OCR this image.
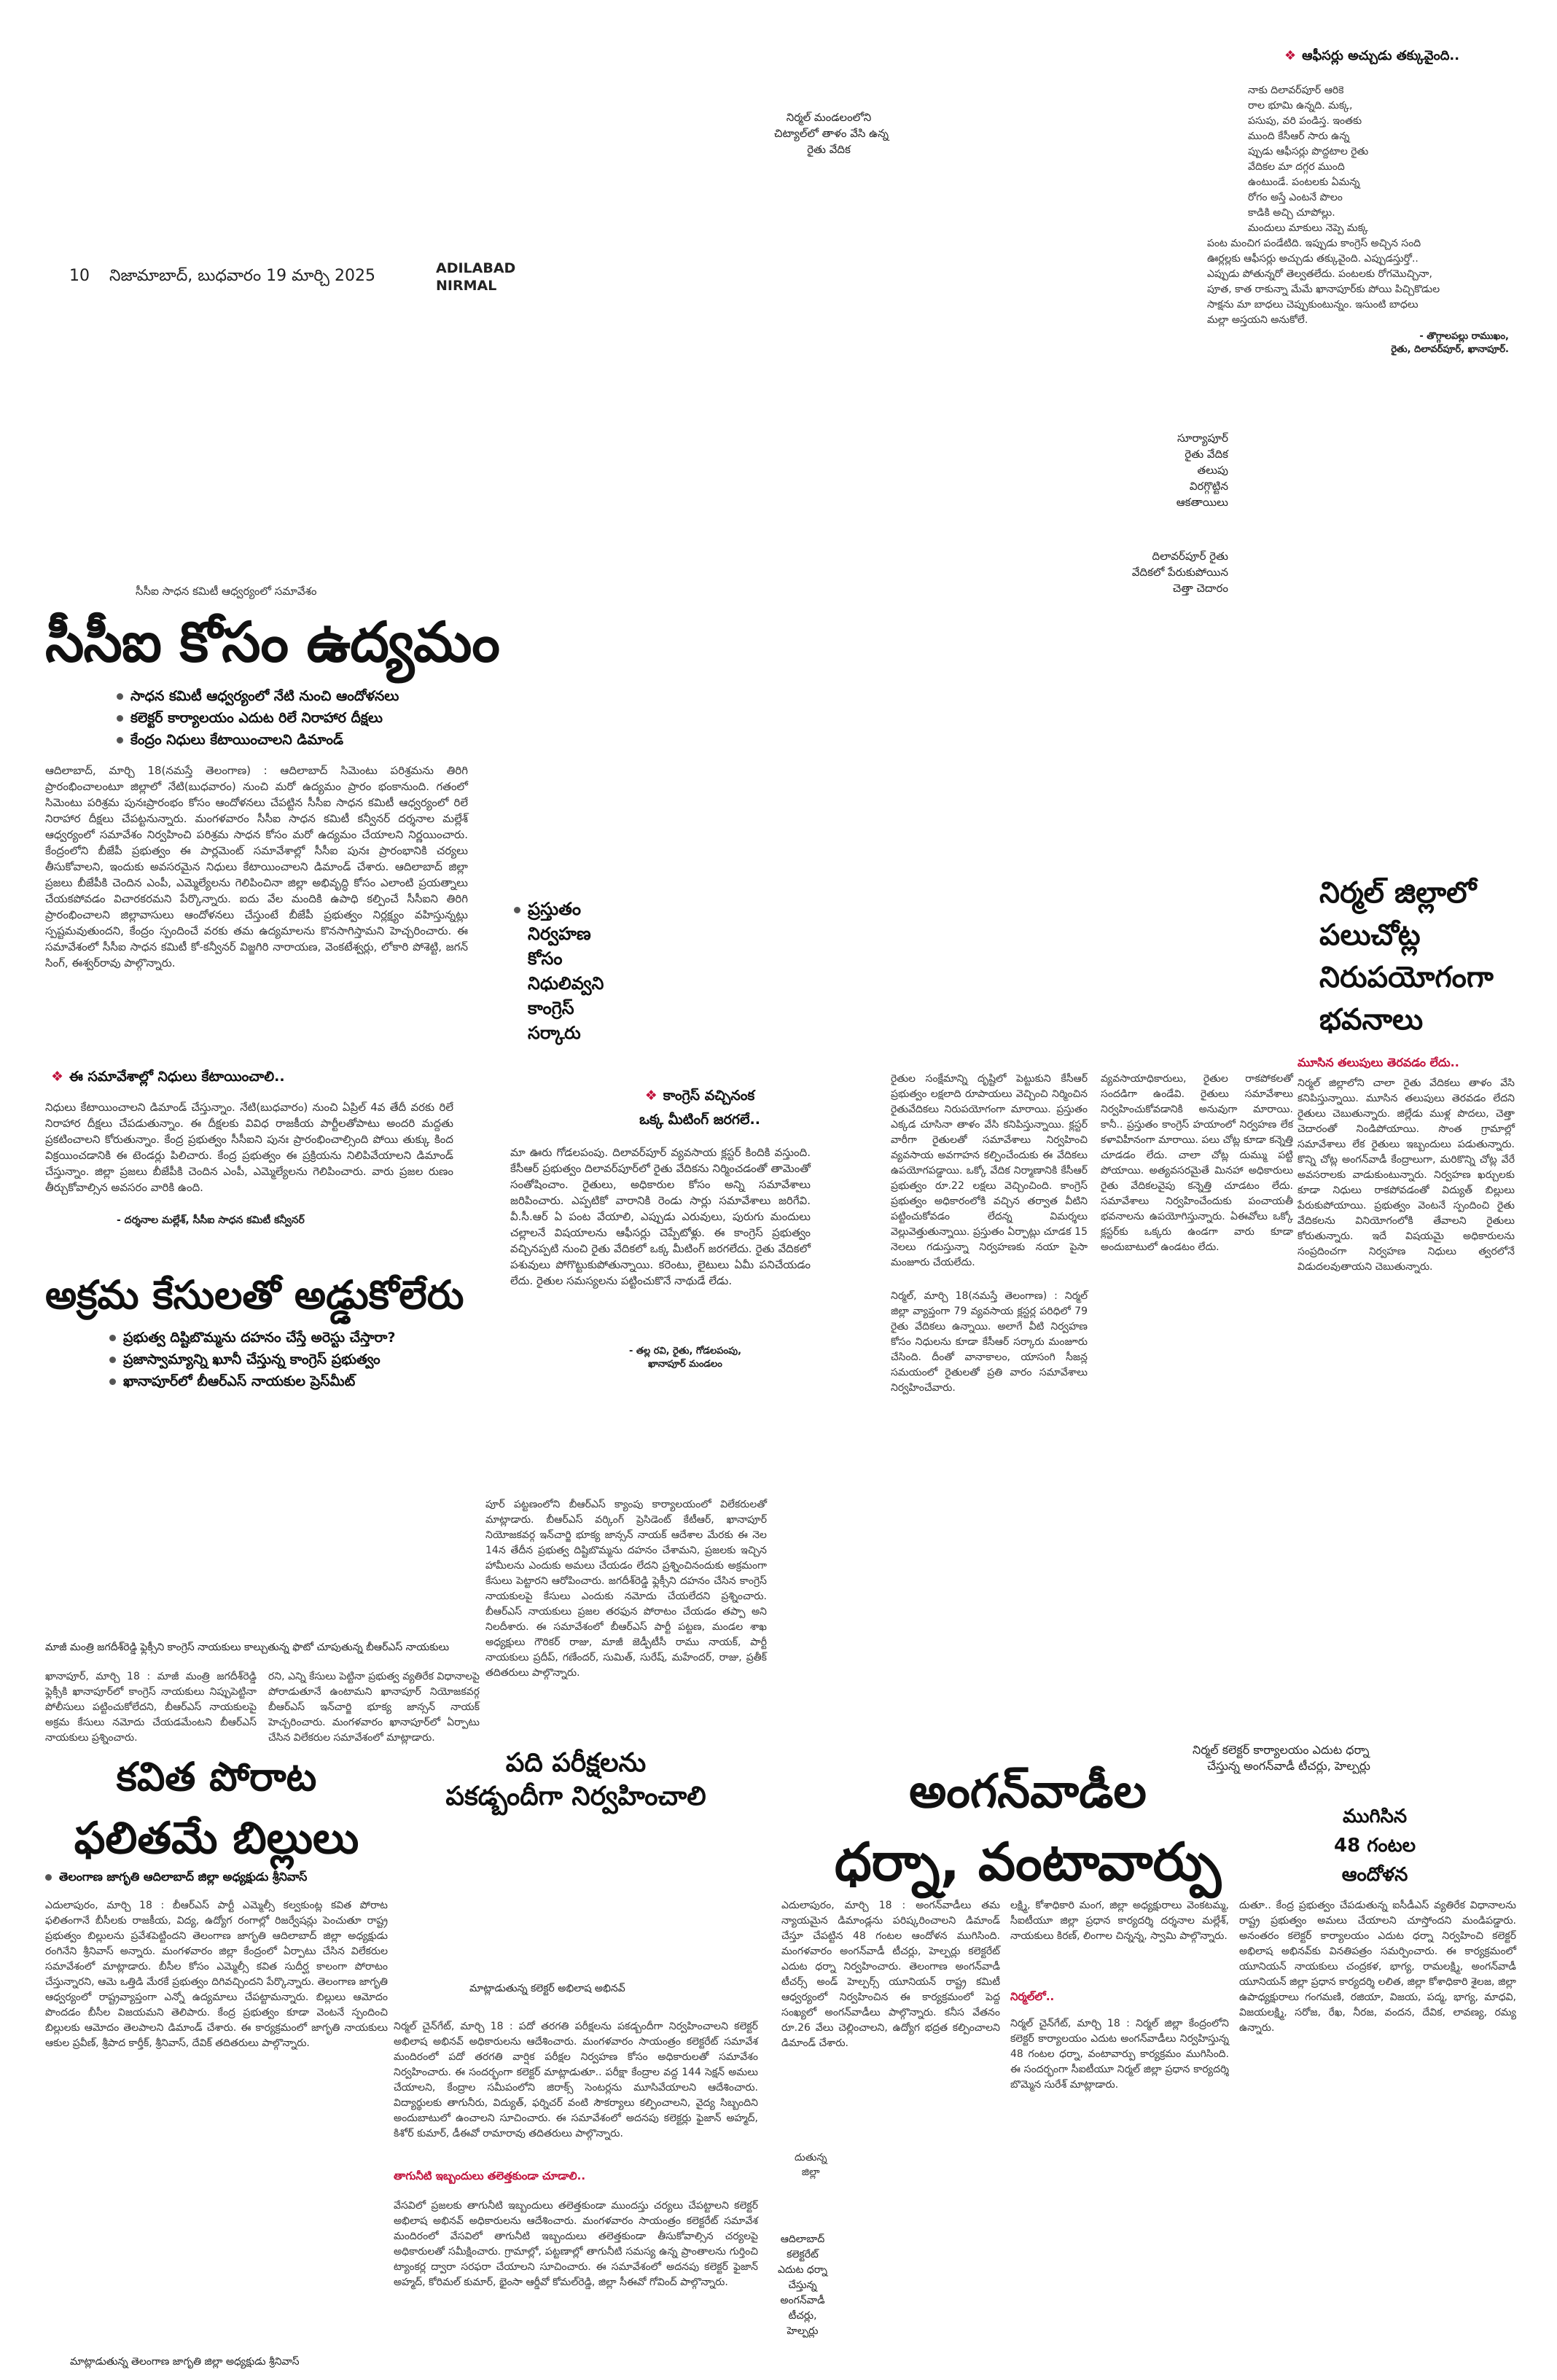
10 నిజామాబాద్, బుధవారం 19 మార్చి 2025	ADILABAD
NIRMAL
నిర్మల్ మండలంలోని
చిట్యాల్‌లో తాళం వేసి ఉన్న
రైతు వేదిక
సూర్యాపూర్
రైతు వేదిక
తలుపు
విరగ్గొట్టిన
ఆకతాయిలు
దిలావర్‌పూర్ రైతు
వేదికలో పేరుకుపోయిన
చెత్తా చెదారం
❖ ఆఫీసర్లు అచ్చుడు తక్కువైంది..
నాకు దిలావర్‌పూర్‌ ఆరికె
రాల భూమి ఉన్నది. మక్క,
పసుపు, వరి పండిస్త. ఇంతకు
ముంది కేసీఆర్‌ సారు ఉన్న
ప్పుడు ఆఫీసర్లు పొద్దటాల రైతు
వేదికల మా దగ్గర ముంది
ఉంటుండే. పంటలకు ఏమన్న
రోగం అస్తే ఎంటనే పొలం
కాడికి అచ్చి చూపోల్లు.
మందులు మాకులు నెప్పె మక్క
పంట మంచిగ పండేటిది. ఇప్పుడు కాంగ్రెస్‌ అచ్చిన సంది
ఊర్లల్లకు ఆఫీసర్లు అచ్చుడు తక్కువైంది. ఎప్పుడస్తుర్తో..
ఎప్పుడు పోతున్నరో తెల్వతలేదు. పంటలకు రోగమొచ్చినా,
పూత, కాత రాకున్నా మేమే ఖానాపూర్‌కు పోయి పిచ్చికొడుల
సాక్షను మా బాధలు చెప్పుకుంటున్నం. ఇసుంటి బాధలు
మల్లా అస్తయని అనుకోలే.
- తొగ్గాలపల్లు రాముఖం,
రైతు, దిలావర్‌పూర్‌, ఖానాపూర్‌.
సీసీఐ సాధన కమిటీ ఆధ్వర్యంలో సమావేశం
సీసీఐ కోసం ఉద్యమం
సాధన కమిటీ ఆధ్వర్యంలో నేటి నుంచి ఆందోళనలు
కలెక్టర్‌ కార్యాలయం ఎదుట రిలే నిరాహార దీక్షలు
కేంద్రం నిధులు కేటాయించాలని డిమాండ్‌
ఆదిలాబాద్‌, మార్చి 18(నమస్తే తెలంగాణ) : ఆదిలాబాద్‌ సిమెంటు పరిశ్రమను తిరిగి ప్రారంభించాలంటూ జిల్లాలో నేటి(బుధవారం) నుంచి మరో ఉద్యమం ప్రారం భంకానుంది. గతంలో సిమెంటు పరిశ్రమ పునఃప్రారంభం కోసం ఆందోళనలు చేపట్టిన సీసీఐ సాధన కమిటీ ఆధ్వర్యంలో రిలే నిరాహార దీక్షలు చేపట్టనున్నారు. మంగళవారం సీసీఐ సాధన కమిటీ కన్వీనర్‌ దర్శనాల మల్లేశ్‌ ఆధ్వర్యంలో సమావేశం నిర్వహించి పరిశ్రమ సాధన కోసం మరో ఉద్యమం చేయాలని నిర్ణయించారు. కేంద్రంలోని బీజేపీ ప్రభుత్వం ఈ పార్లమెంట్‌ సమావేశాల్లో సీసీఐ పునః ప్రారంభానికి చర్యలు తీసుకోవాలని, ఇందుకు అవసరమైన నిధులు కేటాయించాలని డిమాండ్‌ చేశారు. ఆదిలాబాద్‌ జిల్లా ప్రజలు బీజేపీకి చెందిన ఎంపీ, ఎమ్మెల్యేలను గెలిపించినా జిల్లా అభివృద్ధి కోసం ఎలాంటి ప్రయత్నాలు చేయకపోవడం విచారకరమని పేర్కొన్నారు. ఐదు వేల మందికి ఉపాధి కల్పించే సీసీఐని తిరిగి ప్రారంభించాలని జిల్లావాసులు ఆందోళనలు చేస్తుంటే బీజేపీ ప్రభుత్వం నిర్లక్ష్యం వహిస్తున్నట్లు స్పష్టమవుతుందని, కేంద్రం స్పందించే వరకు తమ ఉద్యమాలను కొనసాగిస్తామని హెచ్చరించారు. ఈ సమావేశంలో సీసీఐ సాధన కమిటీ కో-కన్వీనర్‌ విజ్జగిరి నారాయణ, వెంకటేశ్వర్లు, లోకారి పోశెట్టి, జగన్‌ సింగ్‌, ఈశ్వర్‌రావు పాల్గొన్నారు.
ప్రస్తుతం
నిర్వహణ
కోసం
నిధులివ్వని
కాంగ్రెస్‌
సర్కారు
❖ ఈ సమావేశాల్లో నిధులు కేటాయించాలి..
నిధులు కేటాయించాలని డిమాండ్‌ చేస్తున్నాం. నేటి(బుధవారం) నుంచి ఏప్రిల్‌ 4వ తేదీ వరకు రిలే నిరాహార దీక్షలు చేపడుతున్నాం. ఈ దీక్షలకు వివిధ రాజకీయ పార్టీలతోపాటు అందరి మద్దతు ప్రకటించాలని కోరుతున్నాం. కేంద్ర ప్రభుత్వం సీసీఐని పునః ప్రారంభించాల్సింది పోయి తుక్కు కింద విక్రయించడానికి ఈ టెండర్లు పిలిచారు. కేంద్ర ప్రభుత్వం ఈ ప్రక్రియను నిలిపివేయాలని డిమాండ్‌ చేస్తున్నాం. జిల్లా ప్రజలు బీజేపీకి చెందిన ఎంపీ, ఎమ్మెల్యేలను గెలిపించారు. వారు ప్రజల రుణం తీర్చుకోవాల్సిన అవసరం వారికి ఉంది.
- దర్శనాల మల్లేశ్‌, సీసీఐ సాధన కమిటీ కన్వీనర్‌
❖ కాంగ్రెస్‌ వచ్చినంక
ఒక్క మీటింగ్‌ జరగలే..
మా ఊరు గోడలపంపు. దిలావర్‌పూర్‌ వ్యవసాయ క్లస్టర్‌ కిందికి వస్తుంది. కేసీఆర్‌ ప్రభుత్వం దిలావర్‌పూర్‌లో రైతు వేదికను నిర్మించడంతో తామెంతో సంతోషించాం. రైతులు, అధికారుల కోసం అన్ని సమావేశాలు జరిపించారు. ఎప్పటికో వారానికి రెండు సార్లు సమావేశాలు జరిగేవి. వీ.సీ.ఆర్‌ ఏ పంట వేయాలి, ఎప్పుడు ఎరువులు, పురుగు మందులు చల్లాలనే విషయాలను ఆఫీసర్లు చెప్పేటోళ్లు. ఈ కాంగ్రెస్‌ ప్రభుత్వం వచ్చినప్పటి నుంచి రైతు వేదికలో ఒక్క మీటింగ్‌ జరగలేదు. రైతు వేదికలో పశువులు పోగొట్టుకుపోతున్నాయి. కరెంటు, లైటులు ఏమీ పనిచేయడం లేదు. రైతుల సమస్యలను పట్టించుకొనే నాథుడే లేడు.
- తల్ల రవి, రైతు, గోడలపంపు,
ఖానాపూర్‌ మండలం
నిర్మల్‌ జిల్లాలో
పలుచోట్ల
నిరుపయోగంగా
భవనాలు
మూసిన తలుపులు తెరవడం లేదు..
రైతుల సంక్షేమాన్ని దృష్టిలో పెట్టుకుని కేసీఆర్‌ ప్రభుత్వం లక్షలాది రూపాయలు వెచ్చించి నిర్మించిన రైతువేదికలు నిరుపయోగంగా మారాయి. ప్రస్తుతం ఎక్కడ చూసినా తాళం వేసి కనిపిస్తున్నాయి. క్లస్టర్‌ వారీగా రైతులతో సమావేశాలు నిర్వహించి వ్యవసాయ అవగాహన కల్పించేందుకు ఈ వేదికలు ఉపయోగపడ్డాయి. ఒక్కో వేదిక నిర్మాణానికి కేసీఆర్‌ ప్రభుత్వం రూ.22 లక్షలు వెచ్చించింది. కాంగ్రెస్‌ ప్రభుత్వం అధికారంలోకి వచ్చిన తర్వాత వీటిని పట్టించుకోవడం లేదన్న విమర్శలు వెల్లువెత్తుతున్నాయి. ప్రస్తుతం ఏర్పాట్లు చూడక 15 నెలలు గడుస్తున్నా నిర్వహణకు నయా పైసా మంజూరు చేయలేదు.
నిర్మల్‌, మార్చి 18(నమస్తే తెలంగాణ) : నిర్మల్‌ జిల్లా వ్యాప్తంగా 79 వ్యవసాయ క్లస్టర్ల పరిధిలో 79 రైతు వేదికలు ఉన్నాయి. అలాగే వీటి నిర్వహణ కోసం నిధులను కూడా కేసీఆర్‌ సర్కారు మంజూరు చేసింది. దీంతో వానాకాలం, యాసంగి సీజన్ల సమయంలో రైతులతో ప్రతి వారం సమావేశాలు నిర్వహించేవారు.
వ్యవసాయాధికారులు, రైతుల రాకపోకలతో సందడిగా ఉండేవి. రైతులు సమావేశాలు నిర్వహించుకోవడానికి అనువుగా మారాయి. కానీ.. ప్రస్తుతం కాంగ్రెస్‌ హయాంలో నిర్వహణ లేక కళావిహీనంగా మారాయి. పలు చోట్ల కూడా కన్నెత్తి చూడడం లేదు. చాలా చోట్ల దుమ్ము పట్టి పోయాయి. అత్యవసరమైతే మినహా అధికారులు రైతు వేదికలవైపు కన్నెత్తి చూడటం లేదు. సమావేశాలు నిర్వహించేందుకు పంచాయతీ భవనాలను ఉపయోగిస్తున్నారు. ఏఈవోలు ఒక్కో క్లస్టర్‌కు ఒక్కరు ఉండగా వారు కూడా అందుబాటులో ఉండటం లేదు.
నిర్మల్‌ జిల్లాలోని చాలా రైతు వేదికలు తాళం వేసి కనిపిస్తున్నాయి. మూసిన తలుపులు తెరవడం లేదని రైతులు చెబుతున్నారు. జిల్లేడు ముళ్ల పొదలు, చెత్తా చెదారంతో నిండిపోయాయి. సొంత గ్రామాల్లో సమావేశాలు లేక రైతులు ఇబ్బందులు పడుతున్నారు. కొన్ని చోట్ల అంగన్‌వాడీ కేంద్రాలుగా, మరికొన్ని చోట్ల వేరే అవసరాలకు వాడుకుంటున్నారు. నిర్వహణ ఖర్చులకు కూడా నిధులు రాకపోవడంతో విద్యుత్‌ బిల్లులు పేరుకుపోయాయి. ప్రభుత్వం వెంటనే స్పందించి రైతు వేదికలను వినియోగంలోకి తేవాలని రైతులు కోరుతున్నారు. ఇదే విషయమై అధికారులను సంప్రదించగా నిర్వహణ నిధులు త్వరలోనే విడుదలవుతాయని చెబుతున్నారు.
అక్రమ కేసులతో అడ్డుకోలేరు
ప్రభుత్వ దిష్టిబొమ్మను దహనం చేస్తే అరెస్టు చేస్తారా?
ప్రజాస్వామ్యాన్ని ఖూనీ చేస్తున్న కాంగ్రెస్‌ ప్రభుత్వం
ఖానాపూర్‌లో బీఆర్‌ఎస్‌ నాయకుల ప్రెస్‌మీట్‌
పూర్‌ పట్టణంలోని బీఆర్‌ఎస్‌ క్యాంపు కార్యాలయంలో విలేకరులతో మాట్లాడారు. బీఆర్‌ఎస్‌ వర్కింగ్‌ ప్రెసిడెంట్‌ కేటీఆర్‌, ఖానాపూర్‌ నియోజకవర్గ ఇన్‌చార్జి భూక్య జాన్సన్‌ నాయక్‌ ఆదేశాల మేరకు ఈ నెల 14న తేదీన ప్రభుత్వ దిష్టిబొమ్మను దహనం చేశామని, ప్రజలకు ఇచ్చిన హామీలను ఎందుకు అమలు చేయడం లేదని ప్రశ్నించినందుకు అక్రమంగా కేసులు పెట్టారని ఆరోపించారు. జగదీశ్‌రెడ్డి ఫ్లెక్సీని దహనం చేసిన కాంగ్రెస్‌ నాయకులపై కేసులు ఎందుకు నమోదు చేయలేదని ప్రశ్నించారు. బీఆర్‌ఎస్‌ నాయకులు ప్రజల తరఫున పోరాటం చేయడం తప్పా అని నిలదీశారు. ఈ సమావేశంలో బీఆర్‌ఎస్‌ పార్టీ పట్టణ, మండల శాఖ అధ్యక్షులు గౌరికర్‌ రాజు, మాజీ జెడ్పీటీసీ రాము నాయక్‌, పార్టీ నాయకులు ప్రదీప్‌, గణేందర్‌, సుమిత్‌, సురేష్‌, మహేందర్‌, రాజు, ప్రతీక్‌ తదితరులు పాల్గొన్నారు.
మాజీ మంత్రి జగదీశ్‌రెడ్డి ఫ్లెక్సీని కాంగ్రెస్‌ నాయకులు కాల్చుతున్న ఫొటో చూపుతున్న బీఆర్‌ఎస్‌ నాయకులు
ఖానాపూర్‌, మార్చి 18 : మాజీ మంత్రి జగదీశ్‌రెడ్డి ఫ్లెక్సీకి ఖానాపూర్‌లో కాంగ్రెస్‌ నాయకులు నిప్పుపెట్టినా పోలీసులు పట్టించుకోలేదని, బీఆర్‌ఎస్‌ నాయకులపై అక్రమ కేసులు నమోదు చేయడమేంటని బీఆర్‌ఎస్‌ నాయకులు ప్రశ్నించారు.
రని, ఎన్ని కేసులు పెట్టినా ప్రభుత్వ వ్యతిరేక విధానాలపై పోరాడుతూనే ఉంటామని ఖానాపూర్‌ నియోజకవర్గ బీఆర్‌ఎస్‌ ఇన్‌చార్జి భూక్య జాన్సన్‌ నాయక్‌ హెచ్చరించారు. మంగళవారం ఖానాపూర్‌లో ఏర్పాటు చేసిన విలేకరుల సమావేశంలో మాట్లాడారు.
కవిత పోరాట
ఫలితమే బిల్లులు
తెలంగాణ జాగృతి ఆదిలాబాద్‌ జిల్లా అధ్యక్షుడు శ్రీనివాస్‌
ఎదులాపురం, మార్చి 18 : బీఆర్‌ఎస్‌ పార్టీ ఎమ్మెల్సీ కల్వకుంట్ల కవిత పోరాట ఫలితంగానే బీసీలకు రాజకీయ, విద్య, ఉద్యోగ రంగాల్లో రిజర్వేషన్లు పెంచుతూ రాష్ట్ర ప్రభుత్వం బిల్లులను ప్రవేశపెట్టిందని తెలంగాణ జాగృతి ఆదిలాబాద్‌ జిల్లా అధ్యక్షుడు రంగినేని శ్రీనివాస్‌ అన్నారు. మంగళవారం జిల్లా కేంద్రంలో ఏర్పాటు చేసిన విలేకరుల సమావేశంలో మాట్లాడారు. బీసీల కోసం ఎమ్మెల్సీ కవిత సుదీర్ఘ కాలంగా పోరాటం చేస్తున్నారని, ఆమె ఒత్తిడి మేరకే ప్రభుత్వం దిగివచ్చిందని పేర్కొన్నారు. తెలంగాణ జాగృతి ఆధ్వర్యంలో రాష్ట్రవ్యాప్తంగా ఎన్నో ఉద్యమాలు చేపట్టామన్నారు. బిల్లులు ఆమోదం పొందడం బీసీల విజయమని తెలిపారు. కేంద్ర ప్రభుత్వం కూడా వెంటనే స్పందించి బిల్లులకు ఆమోదం తెలపాలని డిమాండ్‌ చేశారు. ఈ కార్యక్రమంలో జాగృతి నాయకులు ఆకుల ప్రవీణ్‌, శ్రీపాద కార్తీక్‌, శ్రీనివాస్‌, దేవిక్‌ తదితరులు పాల్గొన్నారు.
మాట్లాడుతున్న తెలంగాణ జాగృతి జిల్లా అధ్యక్షుడు శ్రీనివాస్‌
పది పరీక్షలను
పకడ్బందీగా నిర్వహించాలి
మాట్లాడుతున్న కలెక్టర్‌ అభిలాష అభినవ్‌
నిర్మల్‌ చైన్‌గేట్‌, మార్చి 18 : పదో తరగతి పరీక్షలను పకడ్బందీగా నిర్వహించాలని కలెక్టర్‌ అభిలాష అభినవ్‌ అధికారులను ఆదేశించారు. మంగళవారం సాయంత్రం కలెక్టరేట్‌ సమావేశ మందిరంలో పదో తరగతి వార్షిక పరీక్షల నిర్వహణ కోసం అధికారులతో సమావేశం నిర్వహించారు. ఈ సందర్భంగా కలెక్టర్‌ మాట్లాడుతూ.. పరీక్షా కేంద్రాల వద్ద 144 సెక్షన్‌ అమలు చేయాలని, కేంద్రాల సమీపంలోని జిరాక్స్‌ సెంటర్లను మూసివేయాలని ఆదేశించారు. విద్యార్థులకు తాగునీరు, విద్యుత్‌, ఫర్నిచర్‌ వంటి సౌకర్యాలు కల్పించాలని, వైద్య సిబ్బందిని అందుబాటులో ఉంచాలని సూచించారు. ఈ సమావేశంలో అదనపు కలెక్టర్లు ఫైజాన్‌ అహ్మద్‌, కిశోర్‌ కుమార్‌, డీఈవో రామారావు తదితరులు పాల్గొన్నారు.
తాగునీటి ఇబ్బందులు తలెత్తకుండా చూడాలి..
వేసవిలో ప్రజలకు తాగునీటి ఇబ్బందులు తలెత్తకుండా ముందస్తు చర్యలు చేపట్టాలని కలెక్టర్‌ అభిలాష అభినవ్‌ అధికారులను ఆదేశించారు. మంగళవారం సాయంత్రం కలెక్టరేట్‌ సమావేశ మందిరంలో వేసవిలో తాగునీటి ఇబ్బందులు తలెత్తకుండా తీసుకోవాల్సిన చర్యలపై అధికారులతో సమీక్షించారు. గ్రామాల్లో, పట్టణాల్లో తాగునీటి సమస్య ఉన్న ప్రాంతాలను గుర్తించి ట్యాంకర్ల ద్వారా సరఫరా చేయాలని సూచించారు. ఈ సమావేశంలో అదనపు కలెక్టర్‌ ఫైజాన్‌ అహ్మద్‌, కోరిమల్‌ కుమార్‌, భైంసా ఆర్డీవో కోమల్‌రెడ్డి, జిల్లా సీఈవో గోవింద్‌ పాల్గొన్నారు.
నిర్మల్‌ కలెక్టర్‌ కార్యాలయం ఎదుట ధర్నా
చేస్తున్న అంగన్‌వాడీ టీచర్లు, హెల్పర్లు
అంగన్‌వాడీల
ధర్నా, వంటావార్పు
ముగిసిన
48 గంటల
ఆందోళన
ఎదులాపురం, మార్చి 18 : అంగన్‌వాడీలు తమ న్యాయమైన డిమాండ్లను పరిష్కరించాలని డిమాండ్‌ చేస్తూ చేపట్టిన 48 గంటల ఆందోళన ముగిసింది. మంగళవారం అంగన్‌వాడీ టీచర్లు, హెల్పర్లు కలెక్టరేట్‌ ఎదుట ధర్నా నిర్వహించారు. తెలంగాణ అంగన్‌వాడీ టీచర్స్‌ అండ్‌ హెల్పర్స్‌ యూనియన్‌ రాష్ట్ర కమిటీ ఆధ్వర్యంలో నిర్వహించిన ఈ కార్యక్రమంలో పెద్ద సంఖ్యలో అంగన్‌వాడీలు పాల్గొన్నారు. కనీస వేతనం రూ.26 వేలు చెల్లించాలని, ఉద్యోగ భద్రత కల్పించాలని డిమాండ్‌ చేశారు.
లక్ష్మి, కోశాధికారి మంగ, జిల్లా అధ్యక్షురాలు వెంకటమ్మ, సీఐటీయూ జిల్లా ప్రధాన కార్యదర్శి దర్శనాల మల్లేశ్‌, నాయకులు కిరణ్‌, లింగాల చిన్నన్న, స్వామి పాల్గొన్నారు.
నిర్మల్‌లో..
నిర్మల్‌ చైన్‌గేట్‌, మార్చి 18 : నిర్మల్‌ జిల్లా కేంద్రంలోని కలెక్టర్‌ కార్యాలయం ఎదుట అంగన్‌వాడీలు నిర్వహిస్తున్న 48 గంటల ధర్నా, వంటావార్పు కార్యక్రమం ముగిసింది. ఈ సందర్భంగా సీఐటీయూ నిర్మల్‌ జిల్లా ప్రధాన కార్యదర్శి బొమ్మెన సురేశ్‌ మాట్లాడారు.
దుతూ.. కేంద్ర ప్రభుత్వం చేపడుతున్న ఐసీడీఎస్‌ వ్యతిరేక విధానాలను రాష్ట్ర ప్రభుత్వం అమలు చేయాలని చూస్తోందని మండిపడ్డారు. అనంతరం కలెక్టర్‌ కార్యాలయం ఎదుట ధర్నా నిర్వహించి కలెక్టర్‌ అభిలాష అభినవ్‌కు వినతిపత్రం సమర్పించారు. ఈ కార్యక్రమంలో యూనియన్‌ నాయకులు చంద్రకళ, భాగ్య, రామలక్ష్మి, అంగన్‌వాడీ యూనియన్‌ జిల్లా ప్రధాన కార్యదర్శి లలిత, జిల్లా కోశాధికారి శైలజ, జిల్లా ఉపాధ్యక్షురాలు గంగమణి, రజియా, విజయ, పద్మ, భాగ్య, మాధవి, విజయలక్ష్మి, సరోజ, రేఖ, నీరజ, వందన, దేవిక, లావణ్య, రమ్య ఉన్నారు.
దుతున్న
జిల్లా
ఆదిలాబాద్‌
కలెక్టరేట్‌
ఎదుట ధర్నా
చేస్తున్న
అంగన్‌వాడీ
టీచర్లు,
హెల్పర్లు
